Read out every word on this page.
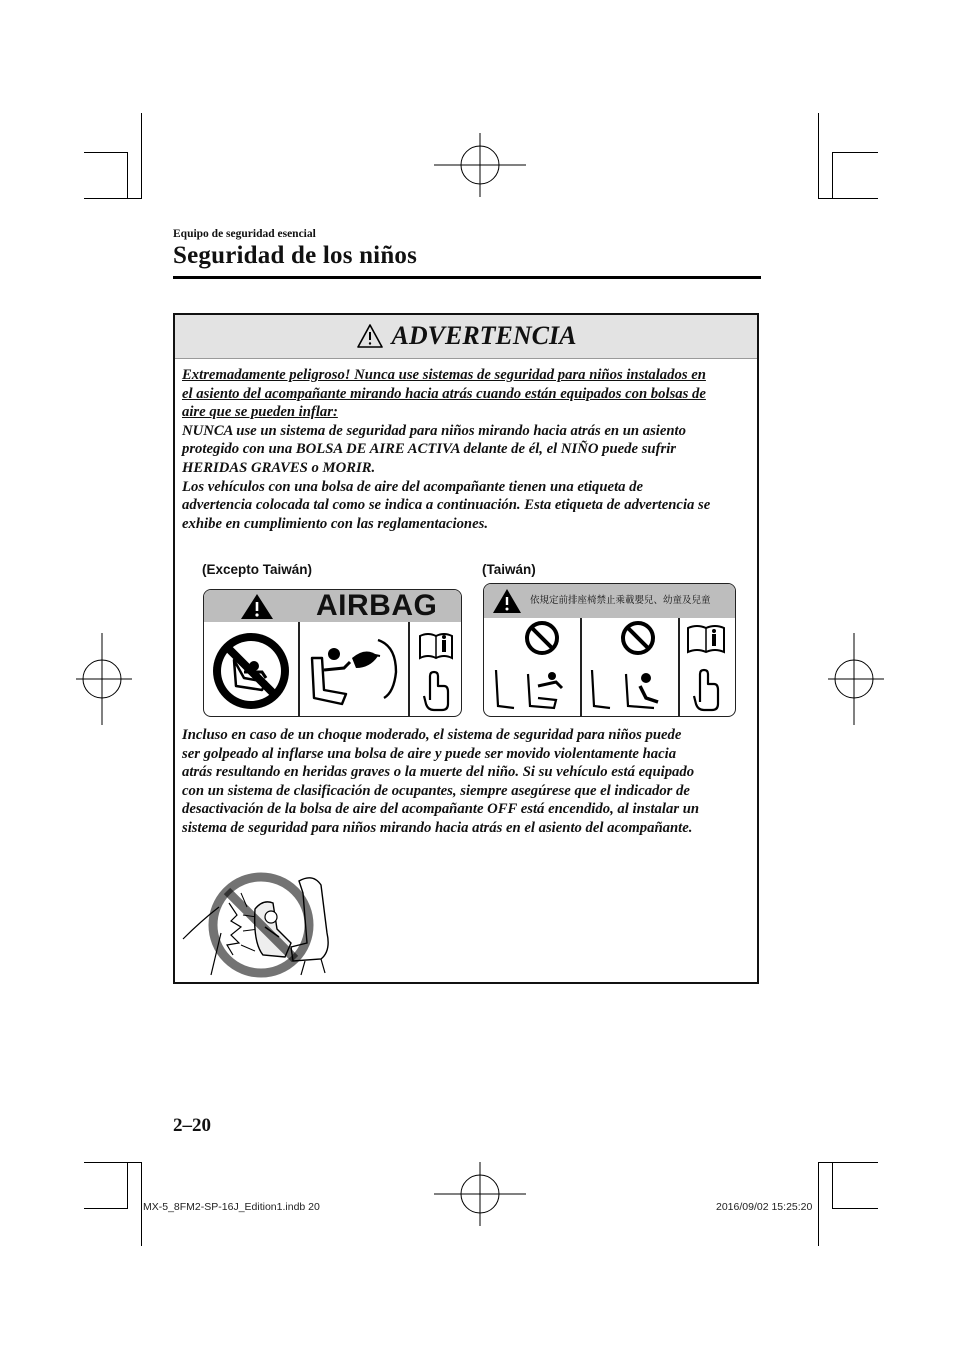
Equipo de seguridad esencial
Seguridad de los niños
ADVERTENCIA
Extremadamente peligroso! Nunca use sistemas de seguridad para niños instalados en
el asiento del acompañante mirando hacia atrás cuando están equipados con bolsas de
aire que se pueden inflar:
NUNCA use un sistema de seguridad para niños mirando hacia atrás en un asiento
protegido con una BOLSA DE AIRE ACTIVA delante de él, el NIÑO puede sufrir
HERIDAS GRAVES o MORIR.
Los vehículos con una bolsa de aire del acompañante tienen una etiqueta de
advertencia colocada tal como se indica a continuación. Esta etiqueta de advertencia se
exhibe en cumplimiento con las reglamentaciones.
(Excepto Taiwán)	(Taiwán)
AIRBAG	依規定前排座椅禁止乘載嬰兒、幼童及兒童
Incluso en caso de un choque moderado, el sistema de seguridad para niños puede
ser golpeado al inflarse una bolsa de aire y puede ser movido violentamente hacia
atrás resultando en heridas graves o la muerte del niño. Si su vehículo está equipado
con un sistema de clasificación de ocupantes, siempre asegúrese que el indicador de
desactivación de la bolsa de aire del acompañante OFF está encendido, al instalar un
sistema de seguridad para niños mirando hacia atrás en el asiento del acompañante.
2–20
MX-5_8FM2-SP-16J_Edition1.indb 20	2016/09/02 15:25:20
